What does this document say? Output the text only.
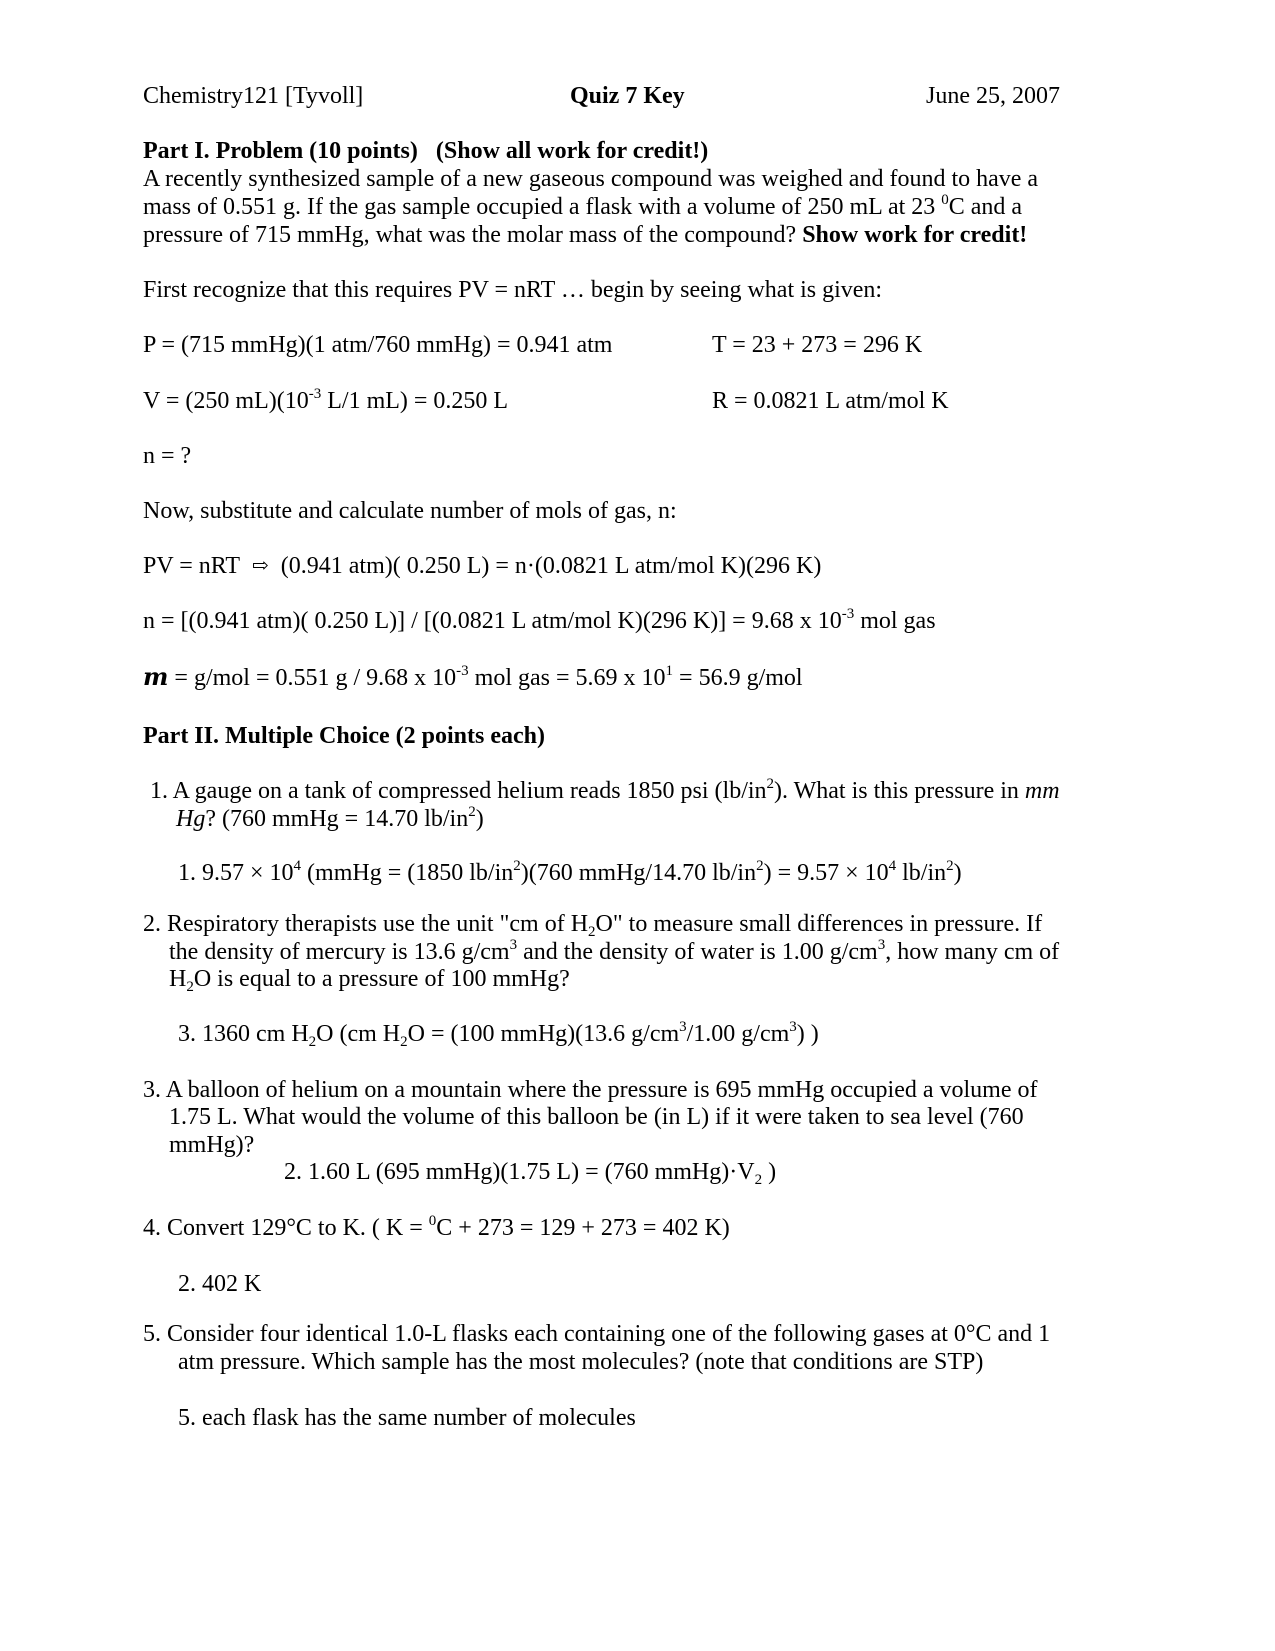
Chemistry121 [Tyvoll]	Quiz 7 Key	June 25, 2007
Part I. Problem (10 points) (Show all work for credit!)
A recently synthesized sample of a new gaseous compound was weighed and found to have a
mass of 0.551 g. If the gas sample occupied a flask with a volume of 250 mL at 23 $^0$C and a
pressure of 715 mmHg, what was the molar mass of the compound? Show work for credit!
First recognize that this requires PV = nRT … begin by seeing what is given:
P = (715 mmHg)(1 atm/760 mmHg) = 0.941 atm	T = 23 + 273 = 296 K
V = (250 $mL)(10^{-3}$ L/1 mL) = 0.250 L	R = 0.0821 L atm/mol K
n = ?
Now, substitute and calculate number of mols of gas, n:
PV = nRT ⇨ (0.941 atm)( 0.250 L) = n·(0.0821 L atm/mol K)(296 K)
n = [(0.941 atm)( 0.250 L)] / [(0.0821 L atm/mol K)(296 K)] = 9.68 x $10^{-3}$ mol gas
m = g/mol = 0.551 g / 9.68 x $10^{-3}$ mol gas = 5.69 x $10^1 = 56.9$ g/mol
Part II. Multiple Choice (2 points each)
1. A gauge on a tank of compressed helium reads 1850 psi $(lb/in^2)$. What is this pressure in mm
Hg? (760 mmHg = 14.70 $lb/in^2$)
1. $9.57 \times 10^4$ (mmHg = (1850 $lb/in^2)(760$ mmHg/14.70 $lb/in^2) = 9.57 \times 10^4$ $lb/in^2$)
2. Respiratory therapists use the unit "cm of $H_2O$" to measure small differences in pressure. If
the density of mercury is 13.6 $g/cm^3$ and the density of water is 1.00 $g/cm^3$, how many cm of
$H_2O$ is equal to a pressure of 100 mmHg?
3. 1360 cm $H_2O$ (cm $H_2O = (100$ mmHg)(13.6 $g/cm^3/1.00$ $g/cm^3$) )
3. A balloon of helium on a mountain where the pressure is 695 mmHg occupied a volume of
1.75 L. What would the volume of this balloon be (in L) if it were taken to sea level (760
mmHg)?
2. 1.60 L (695 mmHg)(1.75 L) = (760 $mmHg)\cdot V_2$ )
4. Convert 129°C to K. ( K = $^0$C + 273 = 129 + 273 = 402 K)
2. 402 K
5. Consider four identical 1.0-L flasks each containing one of the following gases at 0°C and 1
atm pressure. Which sample has the most molecules? (note that conditions are STP)
5. each flask has the same number of molecules
